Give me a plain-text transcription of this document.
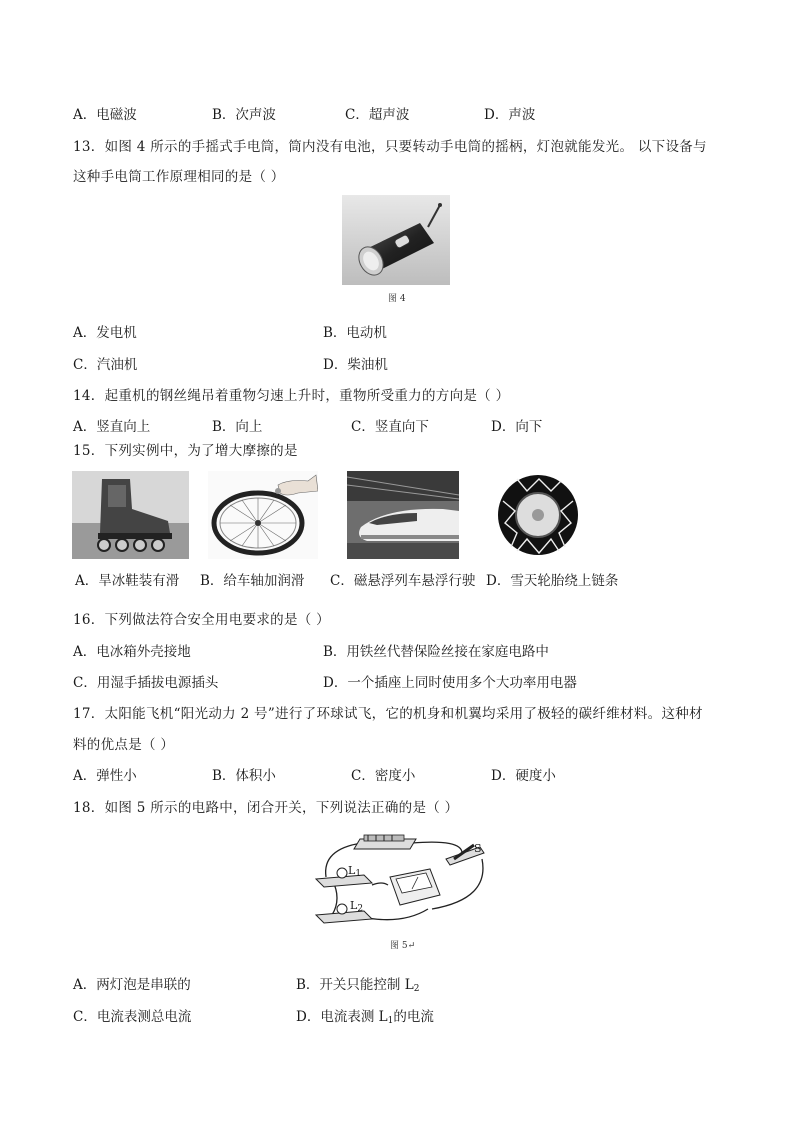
A．电磁波	B．次声波	C．超声波	D．声波
13．如图 4 所示的手摇式手电筒，筒内没有电池，只要转动手电筒的摇柄，灯泡就能发光。 以下设备与
这种手电筒工作原理相同的是（ ）
图 4
A．发电机	B．电动机
C．汽油机	D．柴油机
14．起重机的钢丝绳吊着重物匀速上升时，重物所受重力的方向是（ ）
A．竖直向上	B．向上	C．竖直向下	D．向下
15．下列实例中，为了增大摩擦的是
A．旱冰鞋装有滑 B．给车轴加润滑 C．磁悬浮列车悬浮行驶 D．雪天轮胎绕上链条
16．下列做法符合安全用电要求的是（ ）
A．电冰箱外壳接地	B．用铁丝代替保险丝接在家庭电路中
C．用湿手插拔电源插头	D．一个插座上同时使用多个大功率用电器
17．太阳能飞机“阳光动力 2 号”进行了环球试飞，它的机身和机翼均采用了极轻的碳纤维材料。这种材
料的优点是（ ）
A．弹性小	B．体积小	C．密度小	D．硬度小
18．如图 5 所示的电路中，闭合开关，下列说法正确的是（ ）
S
$L_1$
$L_2$
图 5↵
A．两灯泡是串联的	B．开关只能控制 $L_2$
C．电流表测总电流	D．电流表测 $L_1$的电流
